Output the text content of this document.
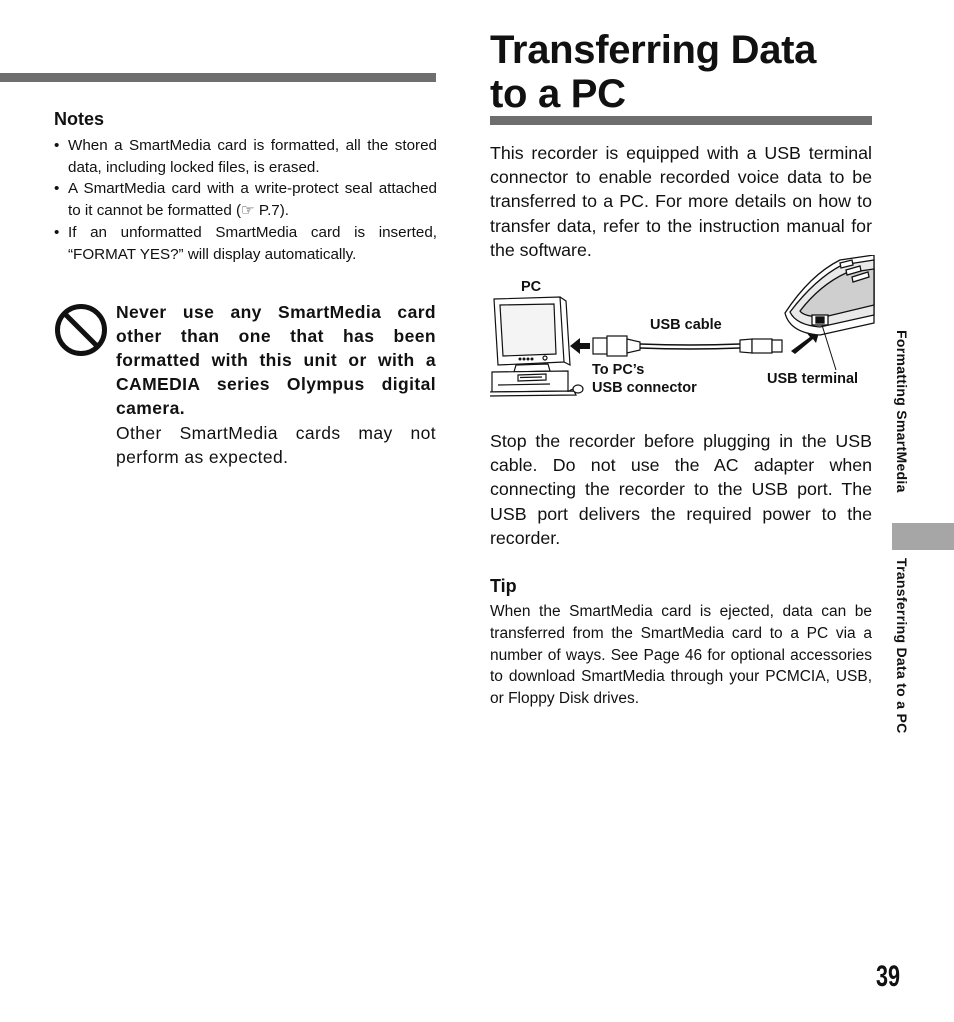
Notes
• When a SmartMedia card is formatted, all the stored data, including locked files, is erased.
• A SmartMedia card with a write-protect seal attached to it cannot be formatted (☞ P.7).
• If an unformatted SmartMedia card is inserted, “FORMAT YES?” will display automatically.
Never use any SmartMedia card other than one that has been formatted with this unit or with a CAMEDIA series Olympus digital camera.
Other SmartMedia cards may not perform as expected.
Transferring Data
to a PC
This recorder is equipped with a USB terminal connector to enable recorded voice data to be transferred to a PC. For more details on how to transfer data, refer to the instruction manual for the software.
PC
USB cable
To PC’s
USB connector
USB terminal
Stop the recorder before plugging in the USB cable. Do not use the AC adapter when connecting the recorder to the USB port. The USB port delivers the required power to the recorder.
Tip
When the SmartMedia card is ejected, data can be transferred from the SmartMedia card to a PC via a number of ways. See Page 46 for optional accessories to download SmartMedia through your PCMCIA, USB, or Floppy Disk drives.
Formatting SmartMedia
Transferring Data to a PC
39
